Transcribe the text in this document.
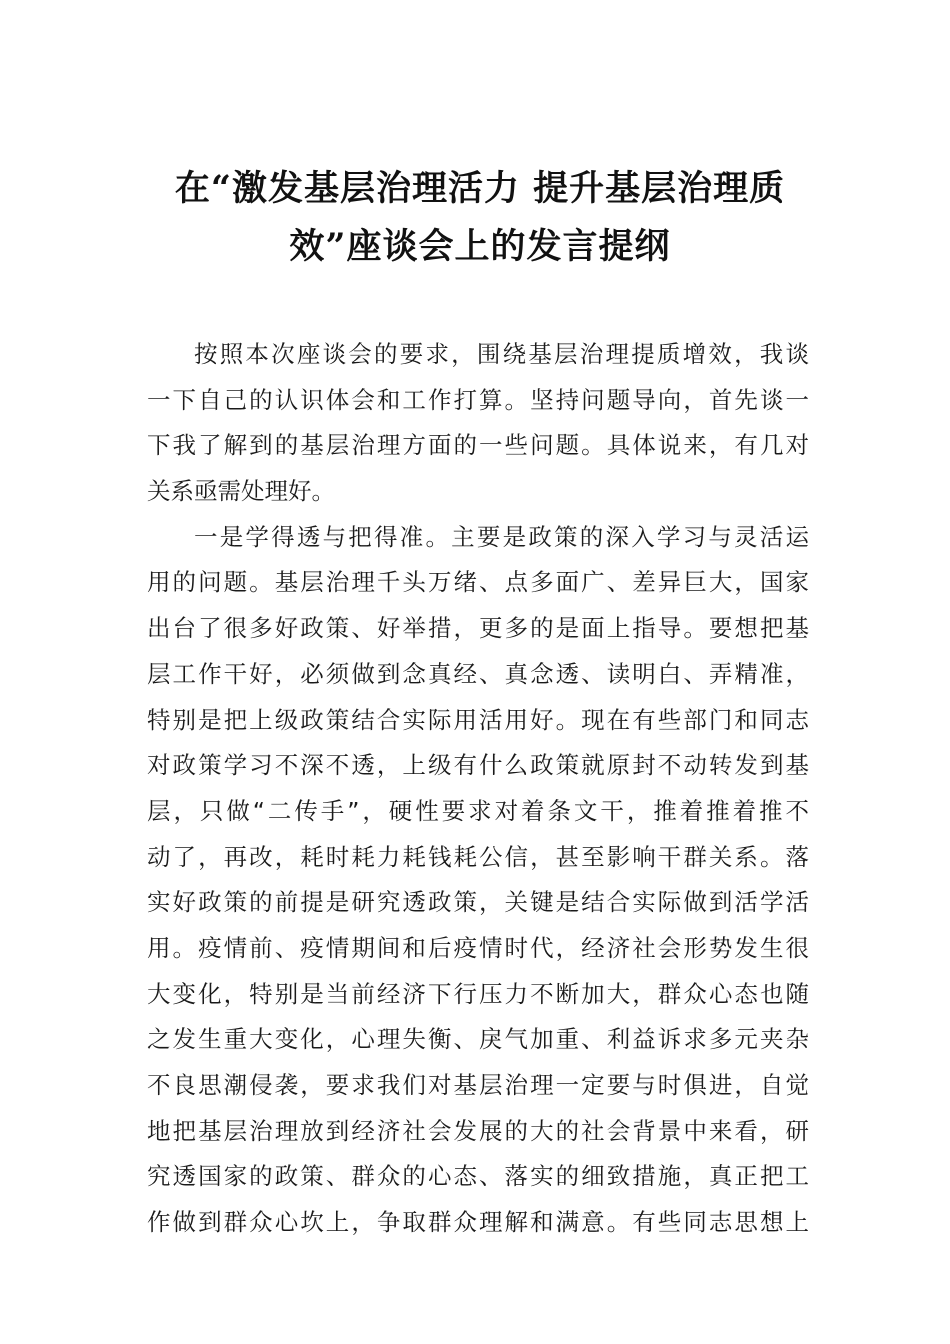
在“激发基层治理活力 提升基层治理质
效”座谈会上的发言提纲
按照本次座谈会的要求，围绕基层治理提质增效，我谈
一下自己的认识体会和工作打算。坚持问题导向，首先谈一
下我了解到的基层治理方面的一些问题。具体说来，有几对
关系亟需处理好。
一是学得透与把得准。主要是政策的深入学习与灵活运
用的问题。基层治理千头万绪、点多面广、差异巨大，国家
出台了很多好政策、好举措，更多的是面上指导。要想把基
层工作干好，必须做到念真经、真念透、读明白、弄精准，
特别是把上级政策结合实际用活用好。现在有些部门和同志
对政策学习不深不透，上级有什么政策就原封不动转发到基
层，只做“二传手”，硬性要求对着条文干，推着推着推不
动了，再改，耗时耗力耗钱耗公信，甚至影响干群关系。落
实好政策的前提是研究透政策，关键是结合实际做到活学活
用。疫情前、疫情期间和后疫情时代，经济社会形势发生很
大变化，特别是当前经济下行压力不断加大，群众心态也随
之发生重大变化，心理失衡、戾气加重、利益诉求多元夹杂
不良思潮侵袭，要求我们对基层治理一定要与时俱进，自觉
地把基层治理放到经济社会发展的大的社会背景中来看，研
究透国家的政策、群众的心态、落实的细致措施，真正把工
作做到群众心坎上，争取群众理解和满意。有些同志思想上
